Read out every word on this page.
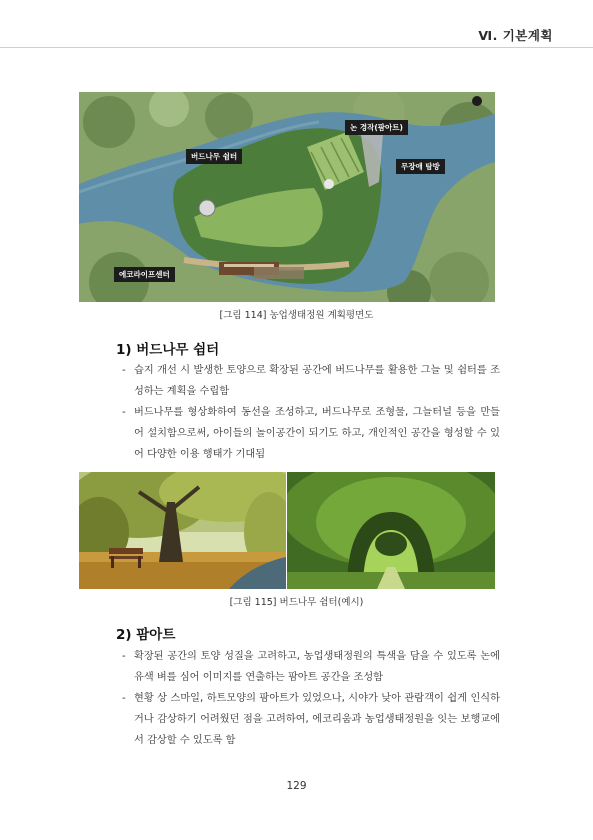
Ⅵ. 기본계획
버드나무 쉼터
논 경작(팜아트)
무장애 탐방
에코라이프센터
[그림 114] 농업생태정원 계획평면도
1) 버드나무 쉼터
- 습지 개선 시 발생한 토양으로 확장된 공간에 버드나무를 활용한 그늘 및 쉼터를 조성하는 계획을 수립함
- 버드나무를 형상화하여 동선을 조성하고, 버드나무로 조형물, 그늘터널 등을 만들어 설치함으로써, 아이들의 놀이공간이 되기도 하고, 개인적인 공간을 형성할 수 있어 다양한 이용 행태가 기대됨
[그림 115] 버드나무 쉼터(예시)
2) 팜아트
- 확장된 공간의 토양 성질을 고려하고, 농업생태정원의 특색을 담을 수 있도록 논에 유색 벼를 심어 이미지를 연출하는 팜아트 공간을 조성함
- 현황 상 스마일, 하트모양의 팜아트가 있었으나, 시야가 낮아 관람객이 쉽게 인식하거나 감상하기 어려웠던 점을 고려하여, 에코리움과 농업생태정원을 잇는 보행교에서 감상할 수 있도록 함
129
